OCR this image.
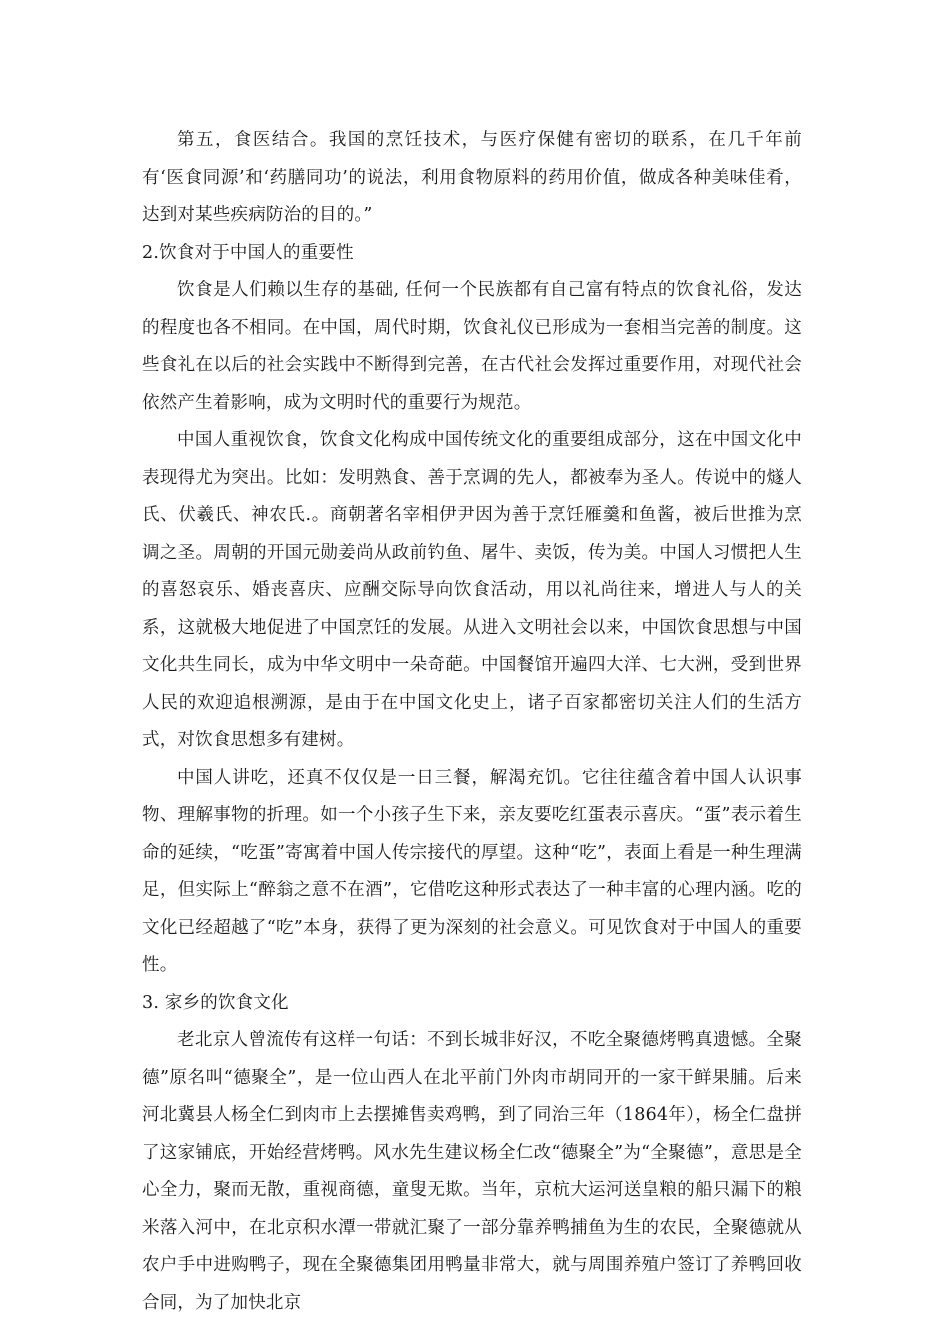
第五，食医结合。我国的烹饪技术，与医疗保健有密切的联系，在几千年前有‘医食同源’和‘药膳同功’的说法，利用食物原料的药用价值，做成各种美味佳肴，达到对某些疾病防治的目的。”

2.饮食对于中国人的重要性

饮食是人们赖以生存的基础, 任何一个民族都有自己富有特点的饮食礼俗，发达的程度也各不相同。在中国，周代时期，饮食礼仪已形成为一套相当完善的制度。这些食礼在以后的社会实践中不断得到完善，在古代社会发挥过重要作用，对现代社会依然产生着影响，成为文明时代的重要行为规范。

中国人重视饮食，饮食文化构成中国传统文化的重要组成部分，这在中国文化中表现得尤为突出。比如：发明熟食、善于烹调的先人，都被奉为圣人。传说中的燧人氏、伏羲氏、神农氏.。商朝著名宰相伊尹因为善于烹饪雁羹和鱼酱，被后世推为烹调之圣。周朝的开国元勋姜尚从政前钓鱼、屠牛、卖饭，传为美。中国人习惯把人生的喜怒哀乐、婚丧喜庆、应酬交际导向饮食活动，用以礼尚往来，增进人与人的关系，这就极大地促进了中国烹饪的发展。从进入文明社会以来，中国饮食思想与中国文化共生同长，成为中华文明中一朵奇葩。中国餐馆开遍四大洋、七大洲，受到世界人民的欢迎追根溯源，是由于在中国文化史上，诸子百家都密切关注人们的生活方式，对饮食思想多有建树。

中国人讲吃，还真不仅仅是一日三餐，解渴充饥。它往往蕴含着中国人认识事物、理解事物的折理。如一个小孩子生下来，亲友要吃红蛋表示喜庆。“蛋”表示着生命的延续，“吃蛋”寄寓着中国人传宗接代的厚望。这种“吃”，表面上看是一种生理满足，但实际上“醉翁之意不在酒”，它借吃这种形式表达了一种丰富的心理内涵。吃的文化已经超越了“吃”本身，获得了更为深刻的社会意义。可见饮食对于中国人的重要性。

3. 家乡的饮食文化

老北京人曾流传有这样一句话：不到长城非好汉，不吃全聚德烤鸭真遗憾。全聚德”原名叫“德聚全”，是一位山西人在北平前门外肉市胡同开的一家干鲜果脯。后来河北冀县人杨全仁到肉市上去摆摊售卖鸡鸭，到了同治三年（1864年），杨全仁盘拼了这家铺底，开始经营烤鸭。风水先生建议杨全仁改“德聚全”为“全聚德”，意思是全心全力，聚而无散，重视商德，童叟无欺。当年，京杭大运河送皇粮的船只漏下的粮米落入河中，在北京积水潭一带就汇聚了一部分靠养鸭捕鱼为生的农民，全聚德就从农户手中进购鸭子，现在全聚德集团用鸭量非常大，就与周围养殖户签订了养鸭回收合同，为了加快北京
